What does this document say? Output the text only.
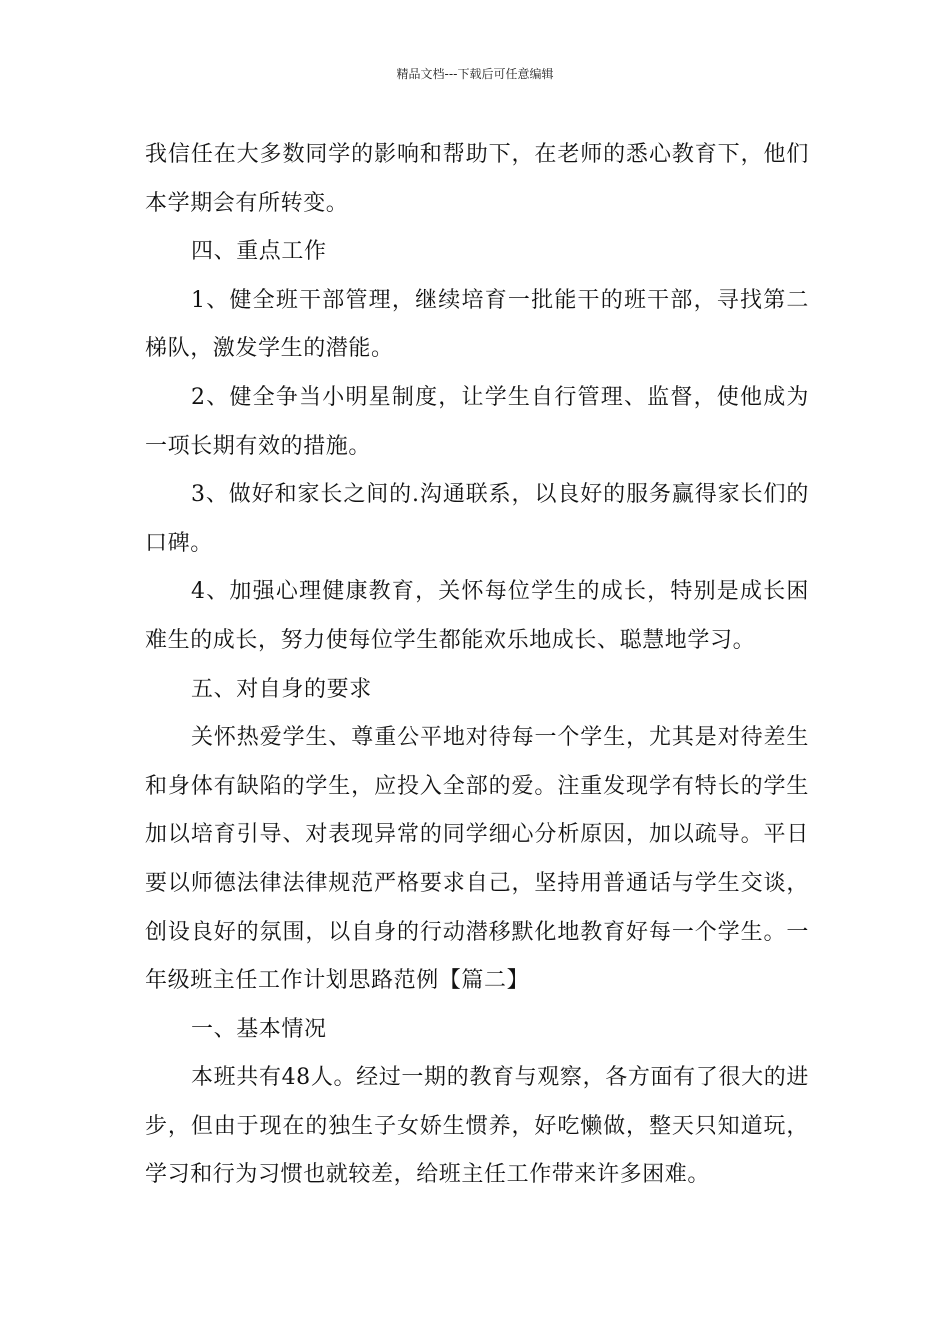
精品文档---下载后可任意编辑

我信任在大多数同学的影响和帮助下，在老师的悉心教育下，他们本学期会有所转变。

四、重点工作

1、健全班干部管理，继续培育一批能干的班干部，寻找第二梯队，激发学生的潜能。

2、健全争当小明星制度，让学生自行管理、监督，使他成为一项长期有效的措施。

3、做好和家长之间的.沟通联系，以良好的服务赢得家长们的口碑。

4、加强心理健康教育，关怀每位学生的成长，特别是成长困难生的成长，努力使每位学生都能欢乐地成长、聪慧地学习。

五、对自身的要求

关怀热爱学生、尊重公平地对待每一个学生，尤其是对待差生和身体有缺陷的学生，应投入全部的爱。注重发现学有特长的学生加以培育引导、对表现异常的同学细心分析原因，加以疏导。平日要以师德法律法律规范严格要求自己，坚持用普通话与学生交谈，创设良好的氛围，以自身的行动潜移默化地教育好每一个学生。一年级班主任工作计划思路范例【篇二】

一、基本情况

本班共有48人。经过一期的教育与观察，各方面有了很大的进步，但由于现在的独生子女娇生惯养，好吃懒做，整天只知道玩，学习和行为习惯也就较差，给班主任工作带来许多困难。
